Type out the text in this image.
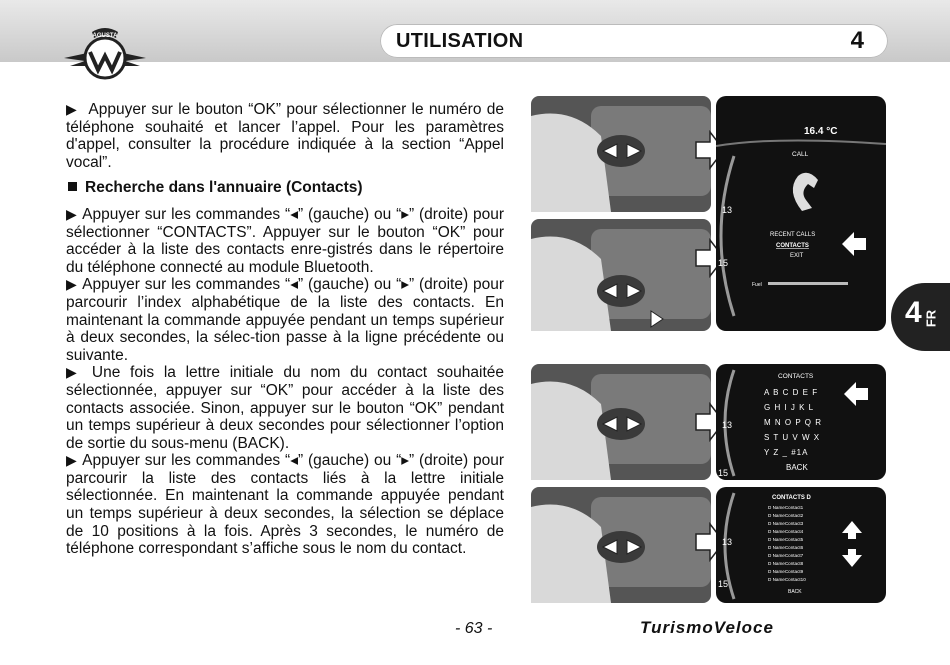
AGUSTA	UTILISATION	4

▶ Appuyer sur le bouton “OK” pour sélectionner le numéro de téléphone souhaité et lancer l’appel. Pour les paramètres d'appel, consulter la procédure indiquée à la section “Appel vocal”.

Recherche dans l'annuaire (Contacts)

▶ Appuyer sur les commandes “◂” (gauche) ou “▸” (droite) pour sélectionner “CONTACTS”. Appuyer sur le bouton “OK” pour accéder à la liste des contacts enre-gistrés dans le répertoire du téléphone connecté au module Bluetooth.

▶ Appuyer sur les commandes “◂” (gauche) ou “▸” (droite) pour parcourir l’index alphabétique de la liste des contacts. En maintenant la commande appuyée pendant un temps supérieur à deux secondes, la sélec-tion passe à la ligne précédente ou suivante.

▶ Une fois la lettre initiale du nom du contact souhaitée sélectionnée, appuyer sur “OK” pour accéder à la liste des contacts associée. Sinon, appuyer sur le bouton “OK” pendant un temps supérieur à deux secondes pour sélectionner l’option de sortie du sous-menu (BACK).

▶ Appuyer sur les commandes “◂” (gauche) ou “▸” (droite) pour parcourir la liste des contacts liés à la lettre initiale sélectionnée. En maintenant la commande appuyée pendant un temps supérieur à deux secondes, la sélection se déplace de 10 positions à la fois. Après 3 secondes, le numéro de téléphone correspondant s’affiche sous le nom du contact.

16.4 °C
CALL
13
RECENT CALLS
CONTACTS
EXIT
15
Fuel
CONTACTS
A B C D E F
G H I J K L
M N O P Q R
S T U V W X
Y Z _ #1A
BACK
13
15
CONTACTS D
D NameContact1
D NameContact2
D NameContact3
D NameContact4
D NameContact5
D NameContact6
D NameContact7
D NameContact8
D NameContact9
D NameContact10
BACK
13
15
4 FR
- 63 -	TurismoVeloce
